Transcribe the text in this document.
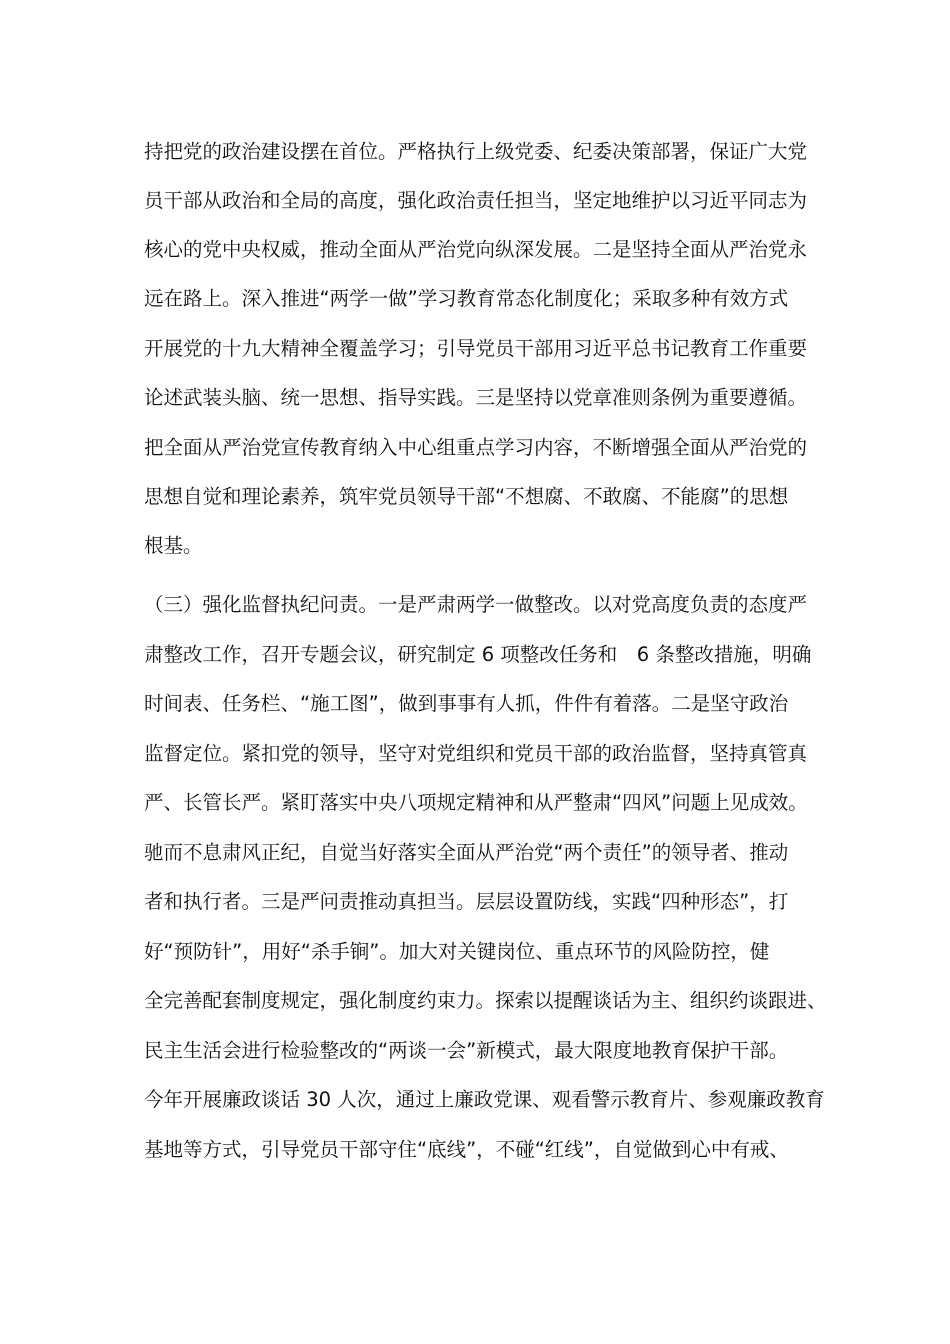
持把党的政治建设摆在首位。严格执行上级党委、纪委决策部署，保证广大党
员干部从政治和全局的高度，强化政治责任担当，坚定地维护以习近平同志为
核心的党中央权威，推动全面从严治党向纵深发展。二是坚持全面从严治党永
远在路上。深入推进“两学一做”学习教育常态化制度化；采取多种有效方式
开展党的十九大精神全覆盖学习；引导党员干部用习近平总书记教育工作重要
论述武装头脑、统一思想、指导实践。三是坚持以党章准则条例为重要遵循。
把全面从严治党宣传教育纳入中心组重点学习内容，不断增强全面从严治党的
思想自觉和理论素养，筑牢党员领导干部“不想腐、不敢腐、不能腐”的思想
根基。
（三）强化监督执纪问责。一是严肃两学一做整改。以对党高度负责的态度严
肃整改工作，召开专题会议，研究制定 6 项整改任务和　6 条整改措施，明确
时间表、任务栏、“施工图”，做到事事有人抓，件件有着落。二是坚守政治
监督定位。紧扣党的领导，坚守对党组织和党员干部的政治监督，坚持真管真
严、长管长严。紧盯落实中央八项规定精神和从严整肃“四风”问题上见成效。
驰而不息肃风正纪，自觉当好落实全面从严治党“两个责任”的领导者、推动
者和执行者。三是严问责推动真担当。层层设置防线，实践“四种形态”，打
好“预防针”，用好“杀手锏”。加大对关键岗位、重点环节的风险防控，健
全完善配套制度规定，强化制度约束力。探索以提醒谈话为主、组织约谈跟进、
民主生活会进行检验整改的“两谈一会”新模式，最大限度地教育保护干部。
今年开展廉政谈话 30 人次，通过上廉政党课、观看警示教育片、参观廉政教育
基地等方式，引导党员干部守住“底线”，不碰“红线”，自觉做到心中有戒、
